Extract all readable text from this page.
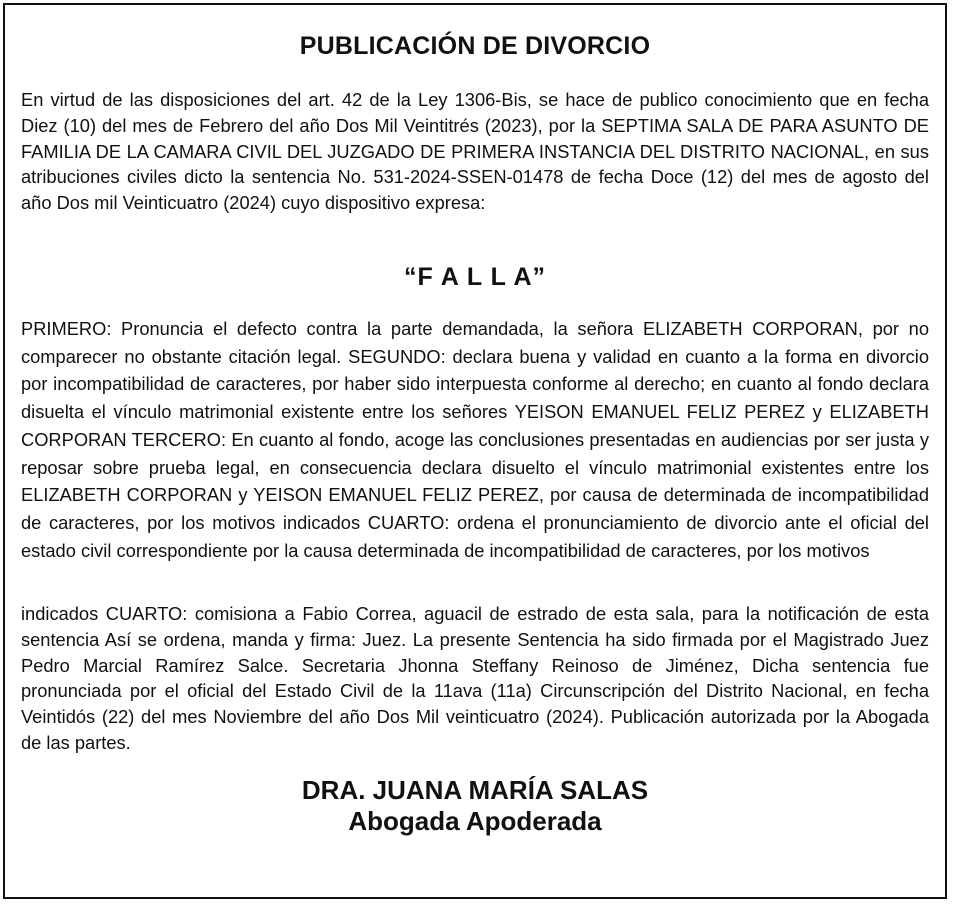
PUBLICACIÓN DE DIVORCIO

En virtud de las disposiciones del art. 42 de la Ley 1306-Bis, se hace de publico conocimiento que en fecha Diez (10) del mes de Febrero del año Dos Mil Veintitrés (2023), por la SEPTIMA SALA DE PARA ASUNTO DE FAMILIA DE LA CAMARA CIVIL DEL JUZGADO DE PRIMERA INSTANCIA DEL DISTRITO NACIONAL, en sus atribuciones civiles dicto la sentencia No. 531-2024-SSEN-01478 de fecha Doce (12) del mes de agosto del año Dos mil Veinticuatro (2024) cuyo dispositivo expresa:

“F A L L A”

PRIMERO: Pronuncia el defecto contra la parte demandada, la señora ELIZABETH CORPORAN, por no comparecer no obstante citación legal. SEGUNDO: declara buena y validad en cuanto a la forma en divorcio por incompatibilidad de caracteres, por haber sido interpuesta conforme al derecho; en cuanto al fondo declara disuelta el vínculo matrimonial existente entre los señores YEISON EMANUEL FELIZ PEREZ y ELIZABETH CORPORAN TERCERO: En cuanto al fondo, acoge las conclusiones presentadas en audiencias por ser justa y reposar sobre prueba legal, en consecuencia declara disuelto el vínculo matrimonial existentes entre los ELIZABETH CORPORAN y YEISON EMANUEL FELIZ PEREZ, por causa de determinada de incompatibilidad de caracteres, por los motivos indicados CUARTO: ordena el pronunciamiento de divorcio ante el oficial del estado civil correspondiente por la causa determinada de incompatibilidad de caracteres, por los motivos

indicados CUARTO: comisiona a Fabio Correa, aguacil de estrado de esta sala, para la notificación de esta sentencia Así se ordena, manda y firma: Juez. La presente Sentencia ha sido firmada por el Magistrado Juez Pedro Marcial Ramírez Salce. Secretaria Jhonna Steffany Reinoso de Jiménez, Dicha sentencia fue pronunciada por el oficial del Estado Civil de la 11ava (11a) Circunscripción del Distrito Nacional, en fecha Veintidós (22) del mes Noviembre del año Dos Mil veinticuatro (2024). Publicación autorizada por la Abogada de las partes.

DRA. JUANA MARÍA SALAS
Abogada Apoderada
